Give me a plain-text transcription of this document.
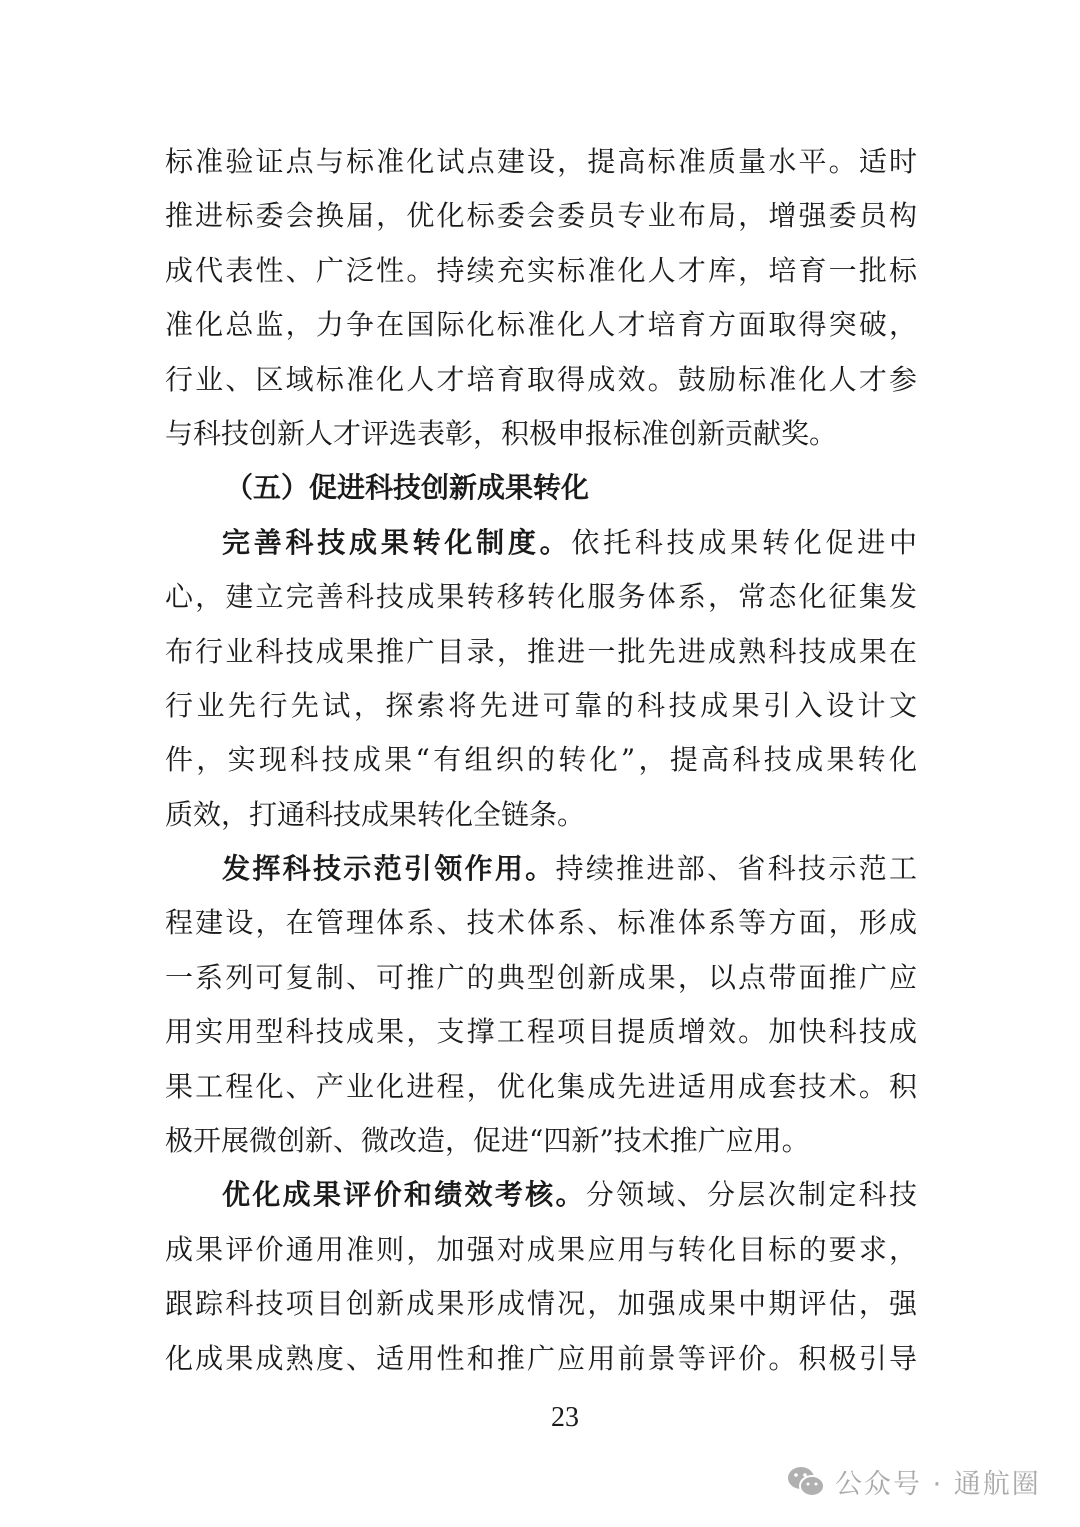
标准验证点与标准化试点建设，提高标准质量水平。适时
推进标委会换届，优化标委会委员专业布局，增强委员构
成代表性、广泛性。持续充实标准化人才库，培育一批标
准化总监，力争在国际化标准化人才培育方面取得突破，
行业、区域标准化人才培育取得成效。鼓励标准化人才参
与科技创新人才评选表彰，积极申报标准创新贡献奖。
（五）促进科技创新成果转化
完善科技成果转化制度。依托科技成果转化促进中
心，建立完善科技成果转移转化服务体系，常态化征集发
布行业科技成果推广目录，推进一批先进成熟科技成果在
行业先行先试，探索将先进可靠的科技成果引入设计文
件，实现科技成果“有组织的转化”，提高科技成果转化
质效，打通科技成果转化全链条。
发挥科技示范引领作用。持续推进部、省科技示范工
程建设，在管理体系、技术体系、标准体系等方面，形成
一系列可复制、可推广的典型创新成果，以点带面推广应
用实用型科技成果，支撑工程项目提质增效。加快科技成
果工程化、产业化进程，优化集成先进适用成套技术。积
极开展微创新、微改造，促进“四新”技术推广应用。
优化成果评价和绩效考核。分领域、分层次制定科技
成果评价通用准则，加强对成果应用与转化目标的要求，
跟踪科技项目创新成果形成情况，加强成果中期评估，强
化成果成熟度、适用性和推广应用前景等评价。积极引导
23
公众号 · 通航圈
